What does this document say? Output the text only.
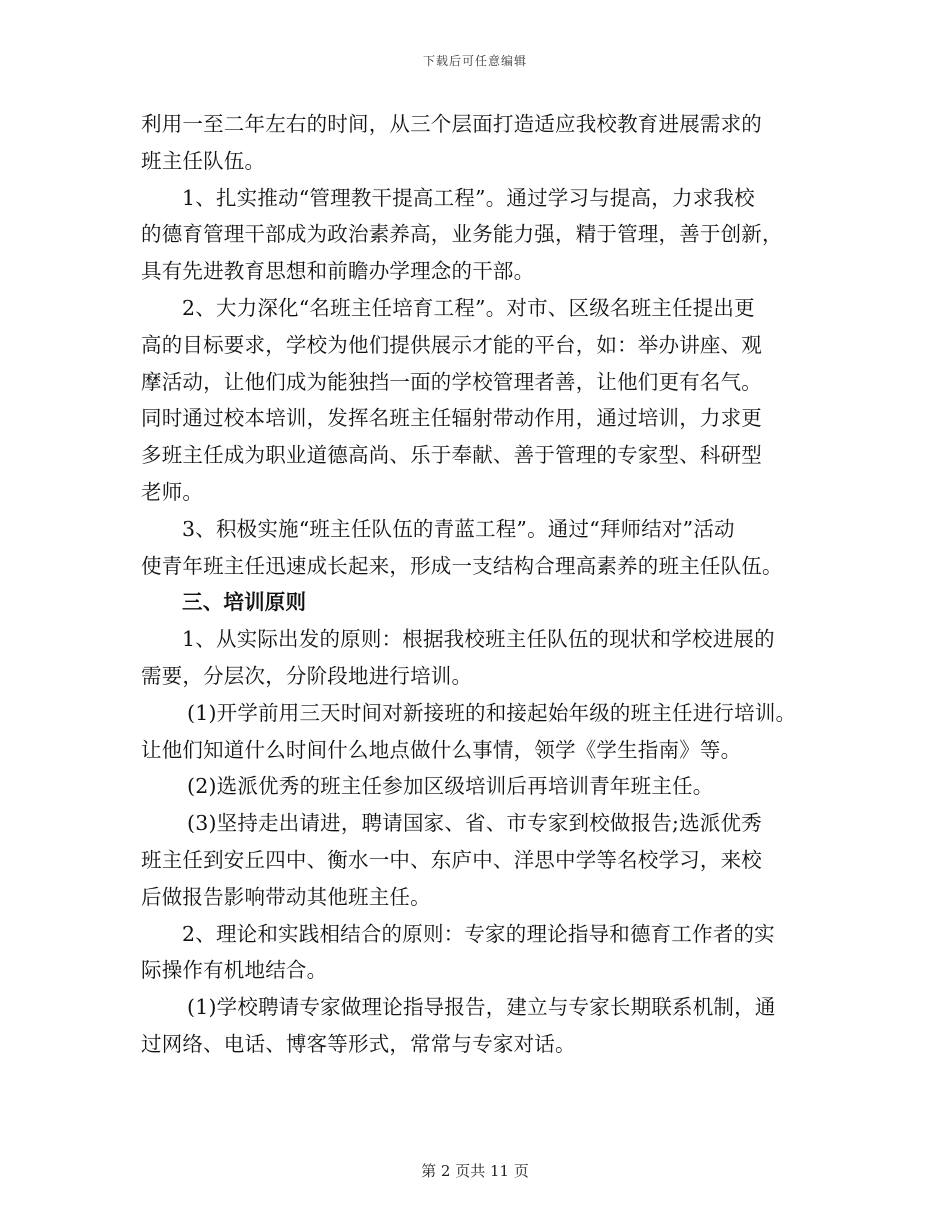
下载后可任意编辑
利用一至二年左右的时间，从三个层面打造适应我校教育进展需求的
班主任队伍。
1、扎实推动“管理教干提高工程”。通过学习与提高，力求我校
的德育管理干部成为政治素养高，业务能力强，精于管理，善于创新，
具有先进教育思想和前瞻办学理念的干部。
2、大力深化“名班主任培育工程”。对市、区级名班主任提出更
高的目标要求，学校为他们提供展示才能的平台，如：举办讲座、观
摩活动，让他们成为能独挡一面的学校管理者善，让他们更有名气。
同时通过校本培训，发挥名班主任辐射带动作用，通过培训，力求更
多班主任成为职业道德高尚、乐于奉献、善于管理的专家型、科研型
老师。
3、积极实施“班主任队伍的青蓝工程”。通过“拜师结对”活动
使青年班主任迅速成长起来，形成一支结构合理高素养的班主任队伍。
三、培训原则
1、从实际出发的原则：根据我校班主任队伍的现状和学校进展的
需要，分层次，分阶段地进行培训。
(1)开学前用三天时间对新接班的和接起始年级的班主任进行培训。
让他们知道什么时间什么地点做什么事情，领学《学生指南》等。
(2)选派优秀的班主任参加区级培训后再培训青年班主任。
(3)坚持走出请进，聘请国家、省、市专家到校做报告;选派优秀
班主任到安丘四中、衡水一中、东庐中、洋思中学等名校学习，来校
后做报告影响带动其他班主任。
2、理论和实践相结合的原则：专家的理论指导和德育工作者的实
际操作有机地结合。
(1)学校聘请专家做理论指导报告，建立与专家长期联系机制，通
过网络、电话、博客等形式，常常与专家对话。
第 2 页共 11 页
